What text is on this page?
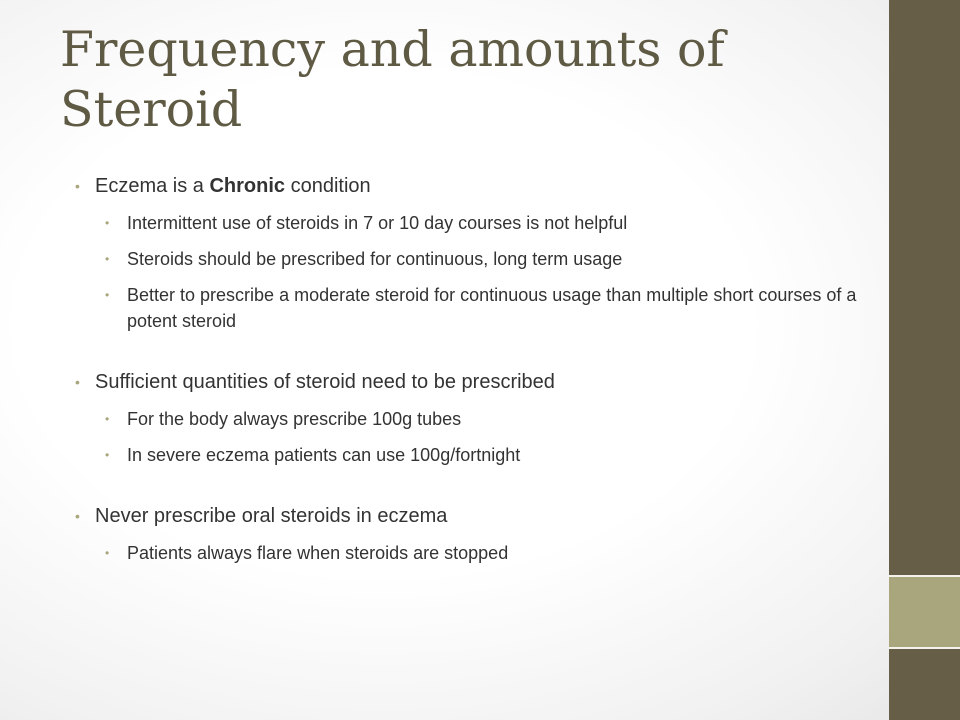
Frequency and amounts of Steroid
• Eczema is a Chronic condition
• Intermittent use of steroids in 7 or 10 day courses is not helpful
• Steroids should be prescribed for continuous, long term usage
• Better to prescribe a moderate steroid for continuous usage than multiple short courses of a potent steroid
• Sufficient quantities of steroid need to be prescribed
• For the body always prescribe 100g tubes
• In severe eczema patients can use 100g/fortnight
• Never prescribe oral steroids in eczema
• Patients always flare when steroids are stopped
